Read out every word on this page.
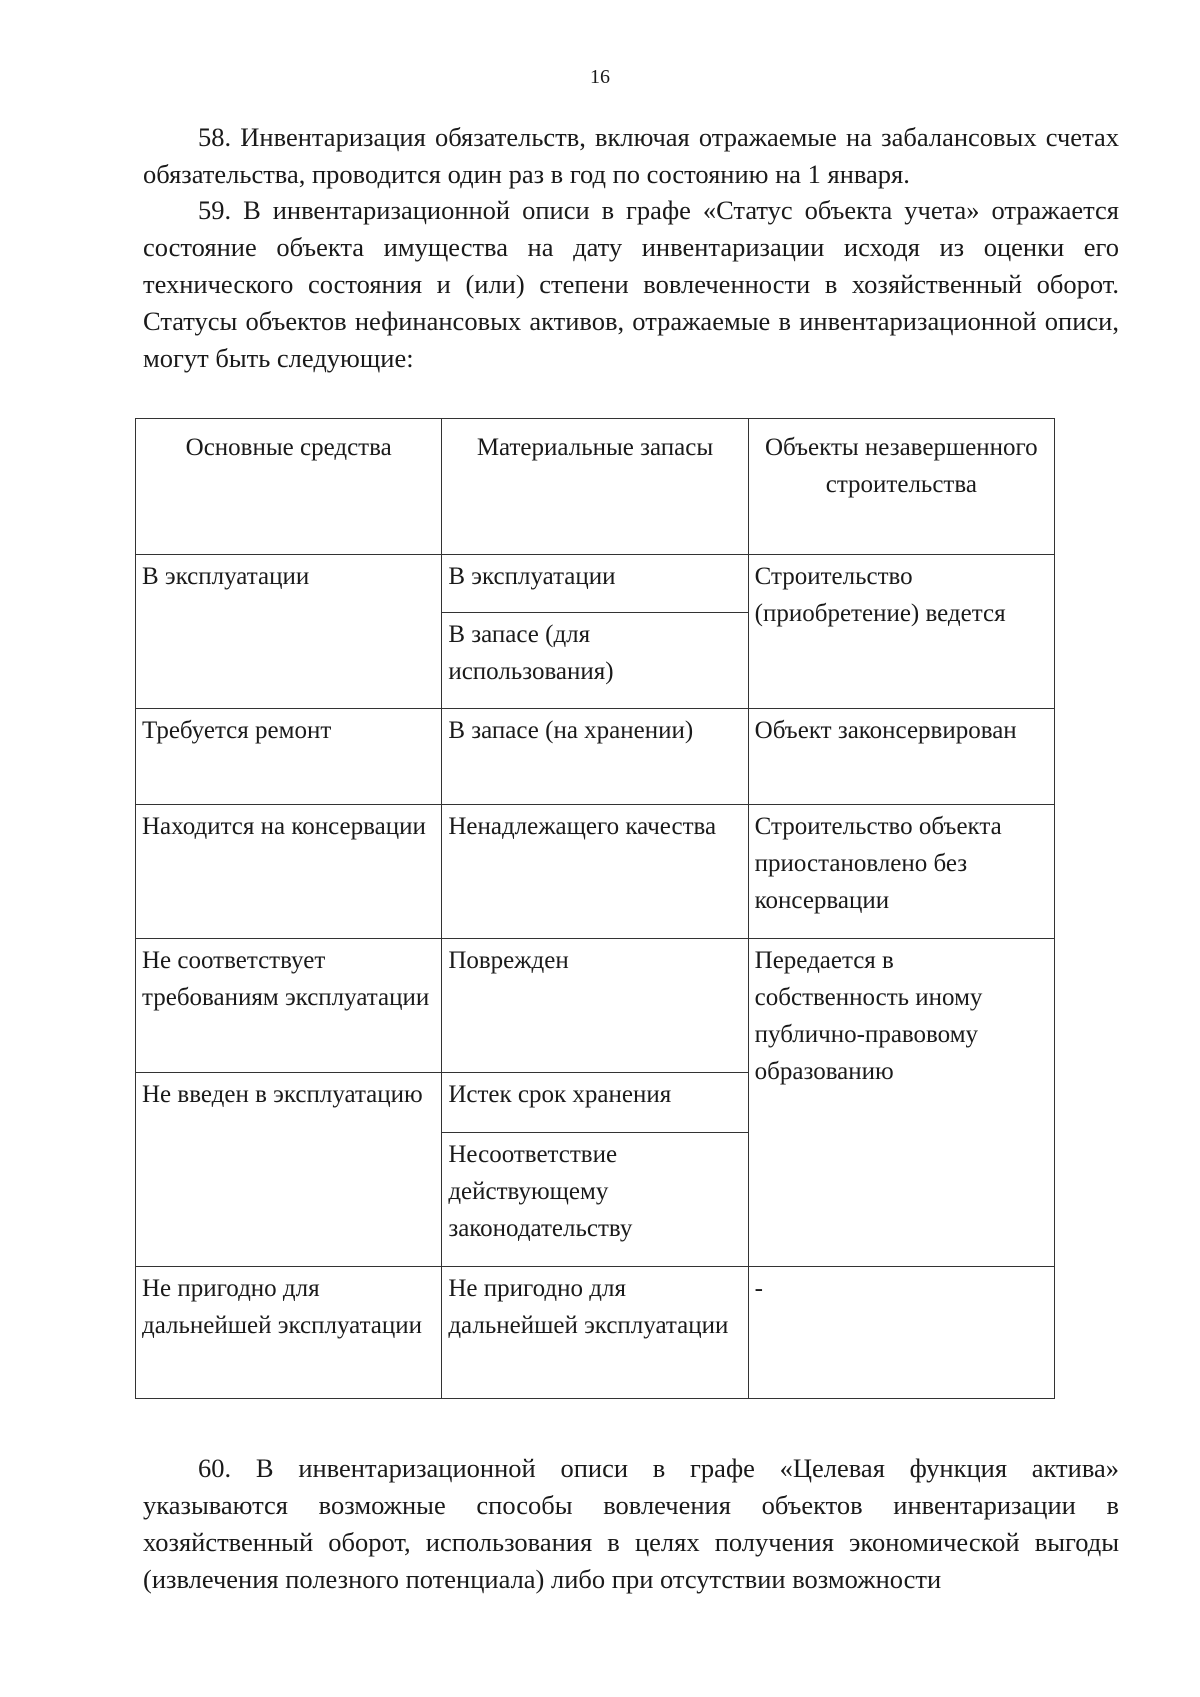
16

58. Инвентаризация обязательств, включая отражаемые на забалансовых счетах обязательства, проводится один раз в год по состоянию на 1 января.

59. В инвентаризационной описи в графе «Статус объекта учета» отражается состояние объекта имущества на дату инвентаризации исходя из оценки его технического состояния и (или) степени вовлеченности в хозяйственный оборот. Статусы объектов нефинансовых активов, отражаемые в инвентаризационной описи, могут быть следующие:

Основные средства	Материальные запасы	Объекты незавершенного строительства
В эксплуатации	В эксплуатации	Строительство (приобретение) ведется
	В запасе (для использования)	
Требуется ремонт	В запасе (на хранении)	Объект законсервирован
Находится на консервации	Ненадлежащего качества	Строительство объекта приостановлено без консервации
Не соответствует требованиям эксплуатации	Поврежден	Передается в собственность иному публично-правовому образованию
Не введен в эксплуатацию	Истек срок хранения	
	Несоответствие действующему законодательству	
Не пригодно для дальнейшей эксплуатации	Не пригодно для дальнейшей эксплуатации	-

60. В инвентаризационной описи в графе «Целевая функция актива» указываются возможные способы вовлечения объектов инвентаризации в хозяйственный оборот, использования в целях получения экономической выгоды (извлечения полезного потенциала) либо при отсутствии возможности
